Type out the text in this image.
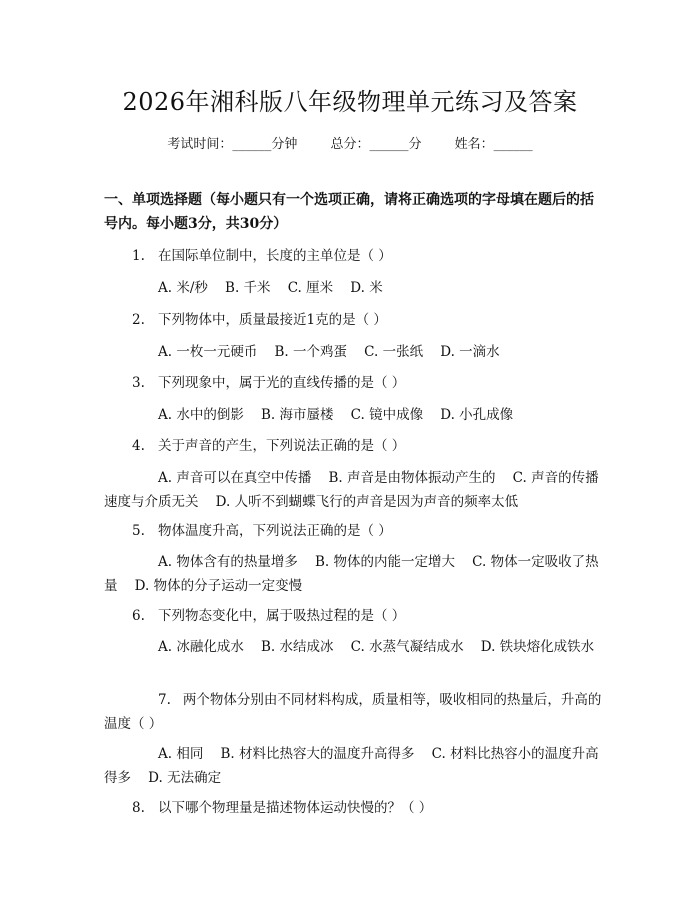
2026年湘科版八年级物理单元练习及答案
考试时间：______分钟	总分：______分	姓名：______
一、单项选择题（每小题只有一个选项正确，请将正确选项的字母填在题后的括号内。每小题3分，共30分）
1. 在国际单位制中，长度的主单位是（ ）
A. 米/秒    B. 千米    C. 厘米    D. 米
2. 下列物体中，质量最接近1克的是（ ）
A. 一枚一元硬币    B. 一个鸡蛋    C. 一张纸    D. 一滴水
3. 下列现象中，属于光的直线传播的是（ ）
A. 水中的倒影    B. 海市蜃楼    C. 镜中成像    D. 小孔成像
4. 关于声音的产生，下列说法正确的是（ ）
A. 声音可以在真空中传播    B. 声音是由物体振动产生的    C. 声音的传播速度与介质无关    D. 人听不到蝴蝶飞行的声音是因为声音的频率太低
5. 物体温度升高，下列说法正确的是（ ）
A. 物体含有的热量增多    B. 物体的内能一定增大    C. 物体一定吸收了热量    D. 物体的分子运动一定变慢
6. 下列物态变化中，属于吸热过程的是（ ）
A. 冰融化成水    B. 水结成冰    C. 水蒸气凝结成水    D. 铁块熔化成铁水
7. 两个物体分别由不同材料构成，质量相等，吸收相同的热量后，升高的温度（ ）
A. 相同    B. 材料比热容大的温度升高得多    C. 材料比热容小的温度升高得多    D. 无法确定
8. 以下哪个物理量是描述物体运动快慢的？（ ）
